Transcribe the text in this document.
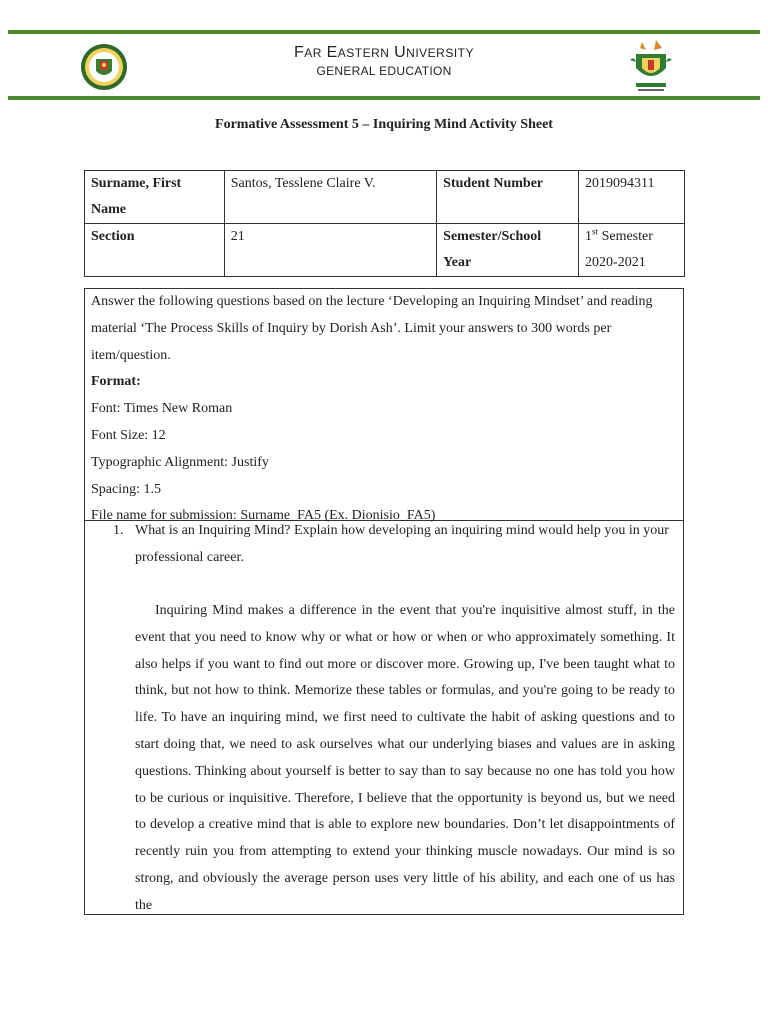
FAR EASTERN UNIVERSITY
GENERAL EDUCATION
Formative Assessment 5 – Inquiring Mind Activity Sheet
Surname, First Name	Santos, Tesslene Claire V.	Student Number	2019094311
Section	21	Semester/School Year	1st Semester
2020-2021

Answer the following questions based on the lecture ‘Developing an Inquiring Mindset’ and reading material ‘The Process Skills of Inquiry by Dorish Ash’. Limit your answers to 300 words per item/question.

Format:

Font: Times New Roman

Font Size: 12

Typographic Alignment: Justify

Spacing: 1.5

File name for submission: Surname_FA5 (Ex. Dionisio_FA5)

1. What is an Inquiring Mind? Explain how developing an inquiring mind would help you in your professional career.

Inquiring Mind makes a difference in the event that you're inquisitive almost stuff, in the event that you need to know why or what or how or when or who approximately something. It also helps if you want to find out more or discover more. Growing up, I've been taught what to think, but not how to think. Memorize these tables or formulas, and you're going to be ready to life. To have an inquiring mind, we first need to cultivate the habit of asking questions and to start doing that, we need to ask ourselves what our underlying biases and values are in asking questions. Thinking about yourself is better to say than to say because no one has told you how to be curious or inquisitive. Therefore, I believe that the opportunity is beyond us, but we need to develop a creative mind that is able to explore new boundaries. Don’t let disappointments of recently ruin you from attempting to extend your thinking muscle nowadays. Our mind is so strong, and obviously the average person uses very little of his ability, and each one of us has the
